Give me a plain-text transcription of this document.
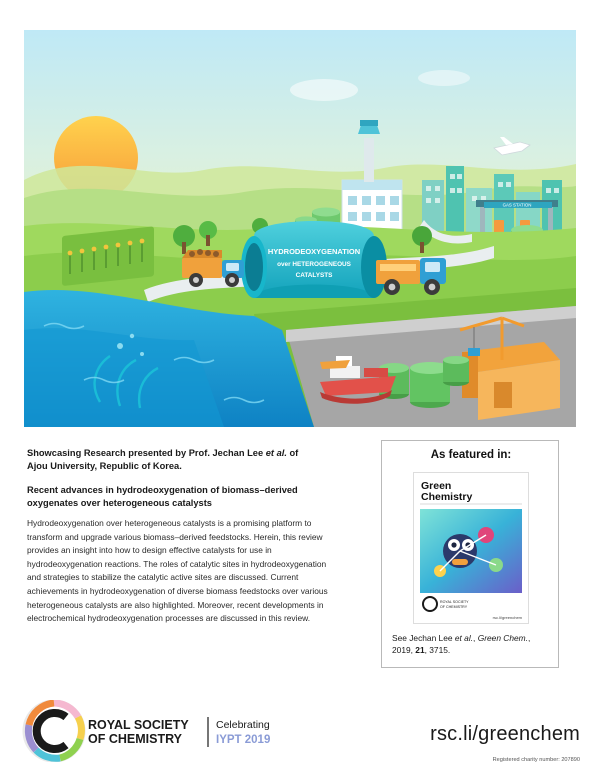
GAS STATION
HYDRODEOXYGENATION
over HETEROGENEOUS
CATALYSTS
Showcasing Research presented by Prof. Jechan Lee et al. of
Ajou University, Republic of Korea.
Recent advances in hydrodeoxygenation of biomass–derived oxygenates over heterogeneous catalysts
Hydrodeoxygenation over heterogeneous catalysts is a promising platform to transform and upgrade various biomass–derived feedstocks. Herein, this review provides an insight into how to design effective catalysts for use in hydrodeoxygenation reactions. The roles of catalytic sites in hydrodeoxygenation and strategies to stabilize the catalytic active sites are discussed. Current achievements in hydrodeoxygenation of diverse biomass feedstocks over various heterogeneous catalysts are also highlighted. Moreover, recent developments in electrochemical hydrodeoxygenation processes are discussed in this review.
As featured in:
Green
Chemistry
ROYAL SOCIETY
OF CHEMISTRY
rsc.li/greenchem
See Jechan Lee et al., Green Chem.,
2019, 21, 3715.
ROYAL SOCIETY
OF CHEMISTRY
Celebrating
IYPT 2019	rsc.li/greenchem
Registered charity number: 207890
